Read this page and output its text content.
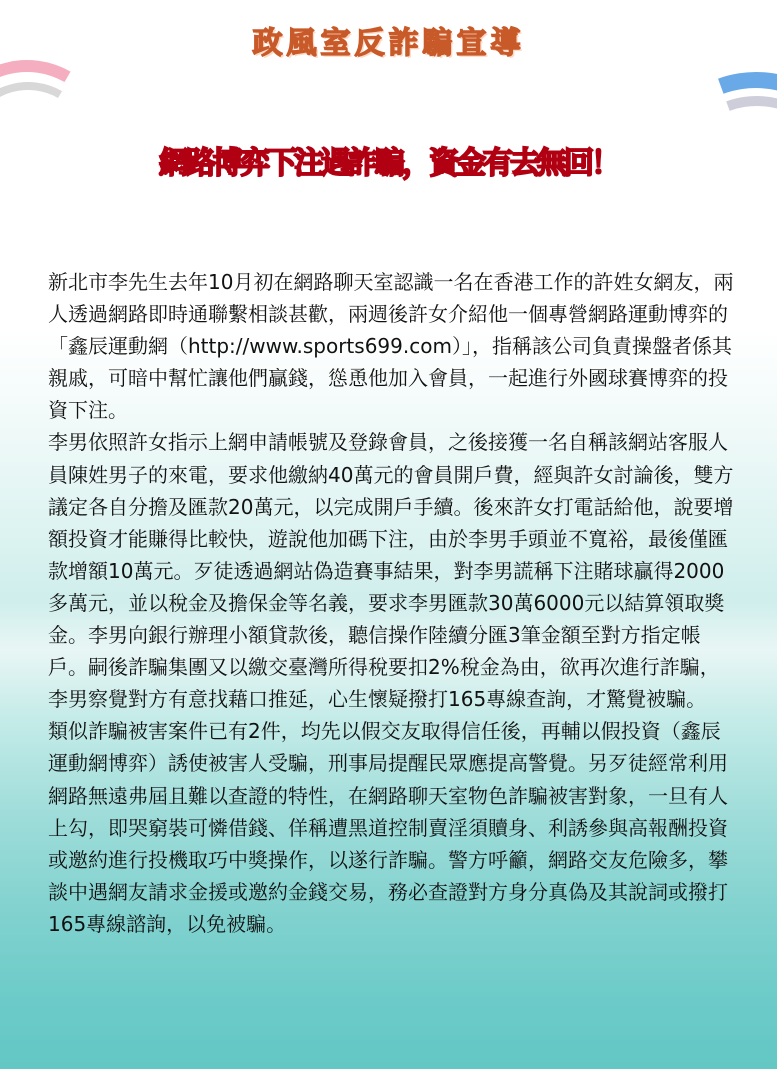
政風室反詐騙宣導
網路博弈下注遇詐騙，資金有去無回！

新北市李先生去年10月初在網路聊天室認識一名在香港工作的許姓女網友，兩人透過網路即時通聯繫相談甚歡，兩週後許女介紹他一個專營網路運動博弈的「鑫辰運動網（http://www.sports699.com）」，指稱該公司負責操盤者係其親戚，可暗中幫忙讓他們贏錢，慫恿他加入會員，一起進行外國球賽博弈的投資下注。

李男依照許女指示上網申請帳號及登錄會員，之後接獲一名自稱該網站客服人員陳姓男子的來電，要求他繳納40萬元的會員開戶費，經與許女討論後，雙方議定各自分擔及匯款20萬元，以完成開戶手續。後來許女打電話給他，說要增額投資才能賺得比較快，遊說他加碼下注，由於李男手頭並不寬裕，最後僅匯款增額10萬元。歹徒透過網站偽造賽事結果，對李男謊稱下注賭球贏得2000多萬元，並以稅金及擔保金等名義，要求李男匯款30萬6000元以結算領取獎金。李男向銀行辦理小額貸款後，聽信操作陸續分匯3筆金額至對方指定帳戶。嗣後詐騙集團又以繳交臺灣所得稅要扣2%稅金為由，欲再次進行詐騙，李男察覺對方有意找藉口推延，心生懷疑撥打165專線查詢，才驚覺被騙。

類似詐騙被害案件已有2件，均先以假交友取得信任後，再輔以假投資（鑫辰運動網博弈）誘使被害人受騙，刑事局提醒民眾應提高警覺。另歹徒經常利用網路無遠弗屆且難以查證的特性，在網路聊天室物色詐騙被害對象，一旦有人上勾，即哭窮裝可憐借錢、佯稱遭黑道控制賣淫須贖身、利誘參與高報酬投資或邀約進行投機取巧中獎操作，以遂行詐騙。警方呼籲，網路交友危險多，攀談中遇網友請求金援或邀約金錢交易，務必查證對方身分真偽及其說詞或撥打165專線諮詢，以免被騙。
